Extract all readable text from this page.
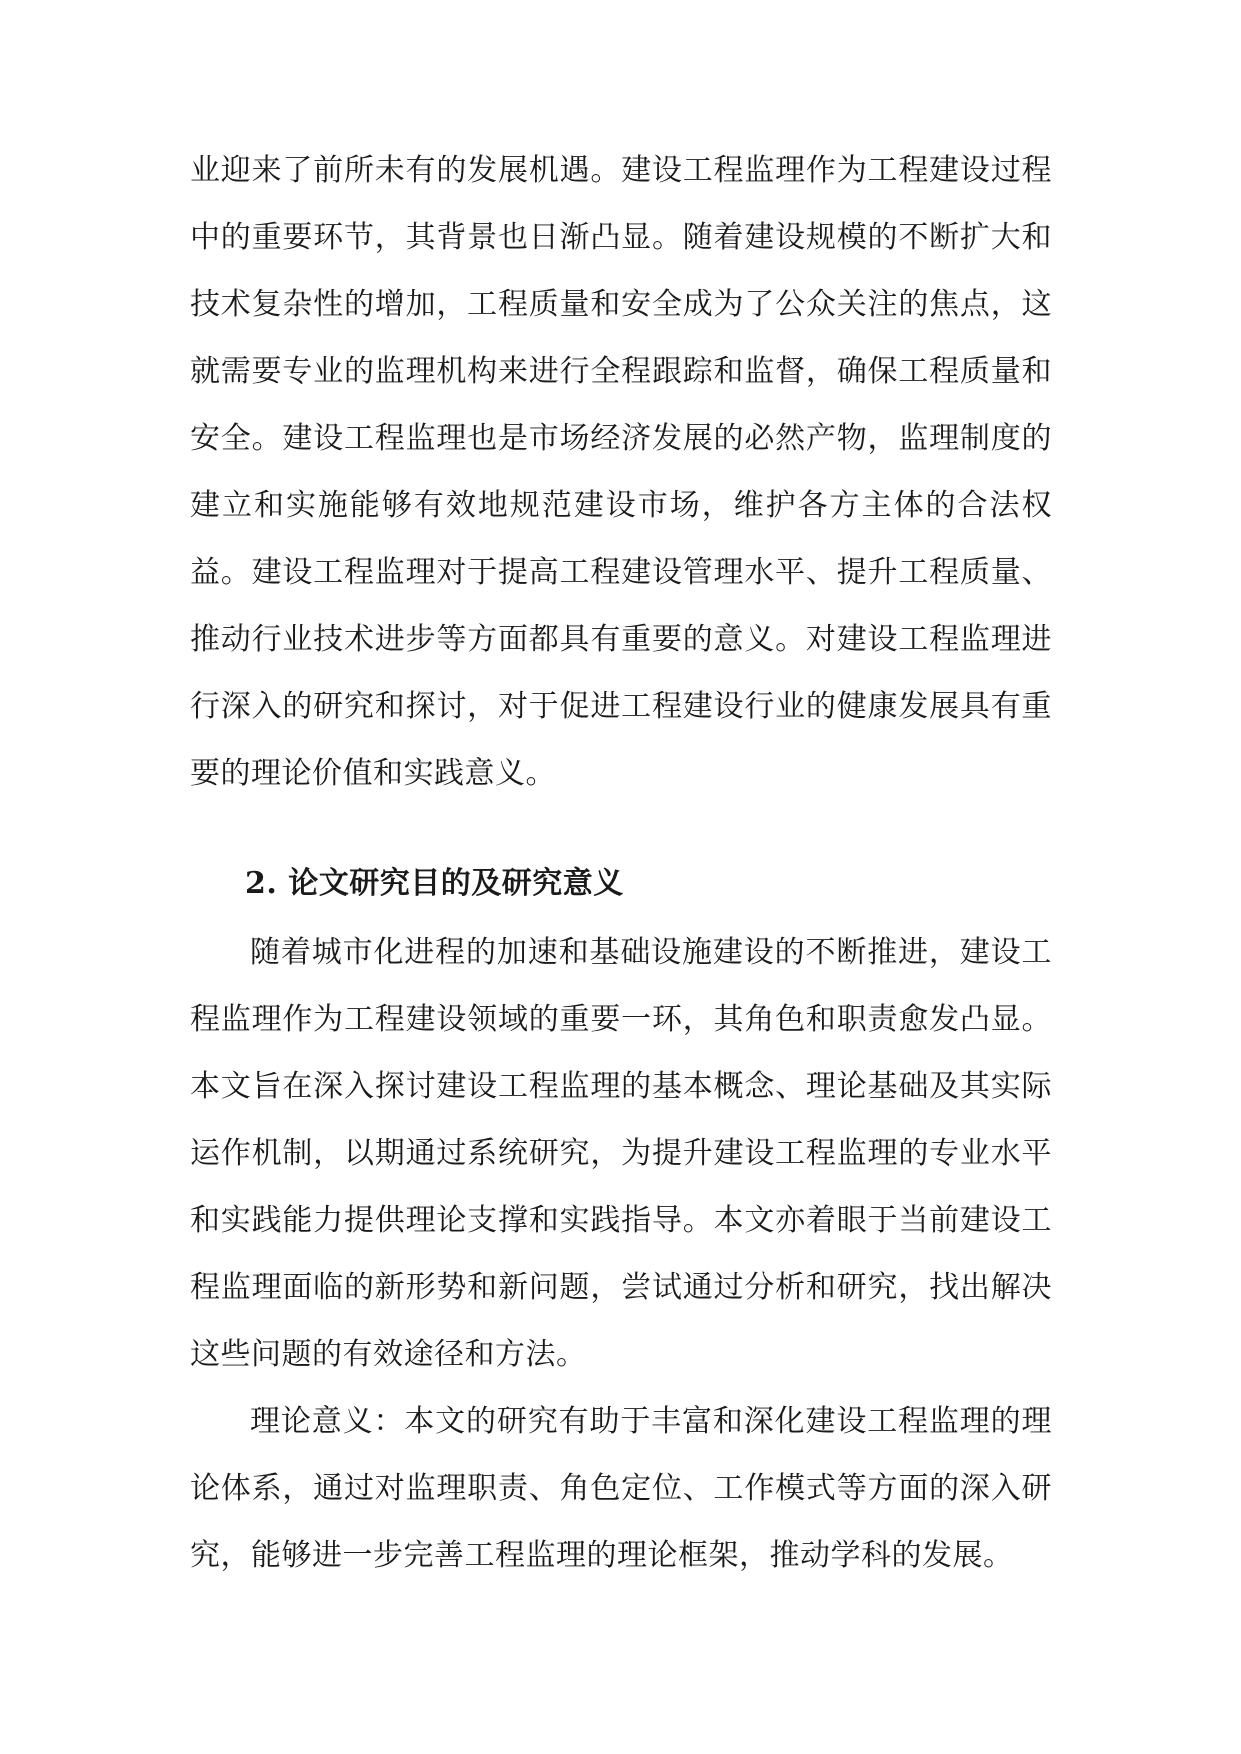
业迎来了前所未有的发展机遇。建设工程监理作为工程建设过程中的重要环节，其背景也日渐凸显。随着建设规模的不断扩大和技术复杂性的增加，工程质量和安全成为了公众关注的焦点，这就需要专业的监理机构来进行全程跟踪和监督，确保工程质量和安全。建设工程监理也是市场经济发展的必然产物，监理制度的建立和实施能够有效地规范建设市场，维护各方主体的合法权益。建设工程监理对于提高工程建设管理水平、提升工程质量、推动行业技术进步等方面都具有重要的意义。对建设工程监理进行深入的研究和探讨，对于促进工程建设行业的健康发展具有重要的理论价值和实践意义。

2. 论文研究目的及研究意义

随着城市化进程的加速和基础设施建设的不断推进，建设工程监理作为工程建设领域的重要一环，其角色和职责愈发凸显。本文旨在深入探讨建设工程监理的基本概念、理论基础及其实际运作机制，以期通过系统研究，为提升建设工程监理的专业水平和实践能力提供理论支撑和实践指导。本文亦着眼于当前建设工程监理面临的新形势和新问题，尝试通过分析和研究，找出解决这些问题的有效途径和方法。

理论意义：本文的研究有助于丰富和深化建设工程监理的理论体系，通过对监理职责、角色定位、工作模式等方面的深入研究，能够进一步完善工程监理的理论框架，推动学科的发展。
